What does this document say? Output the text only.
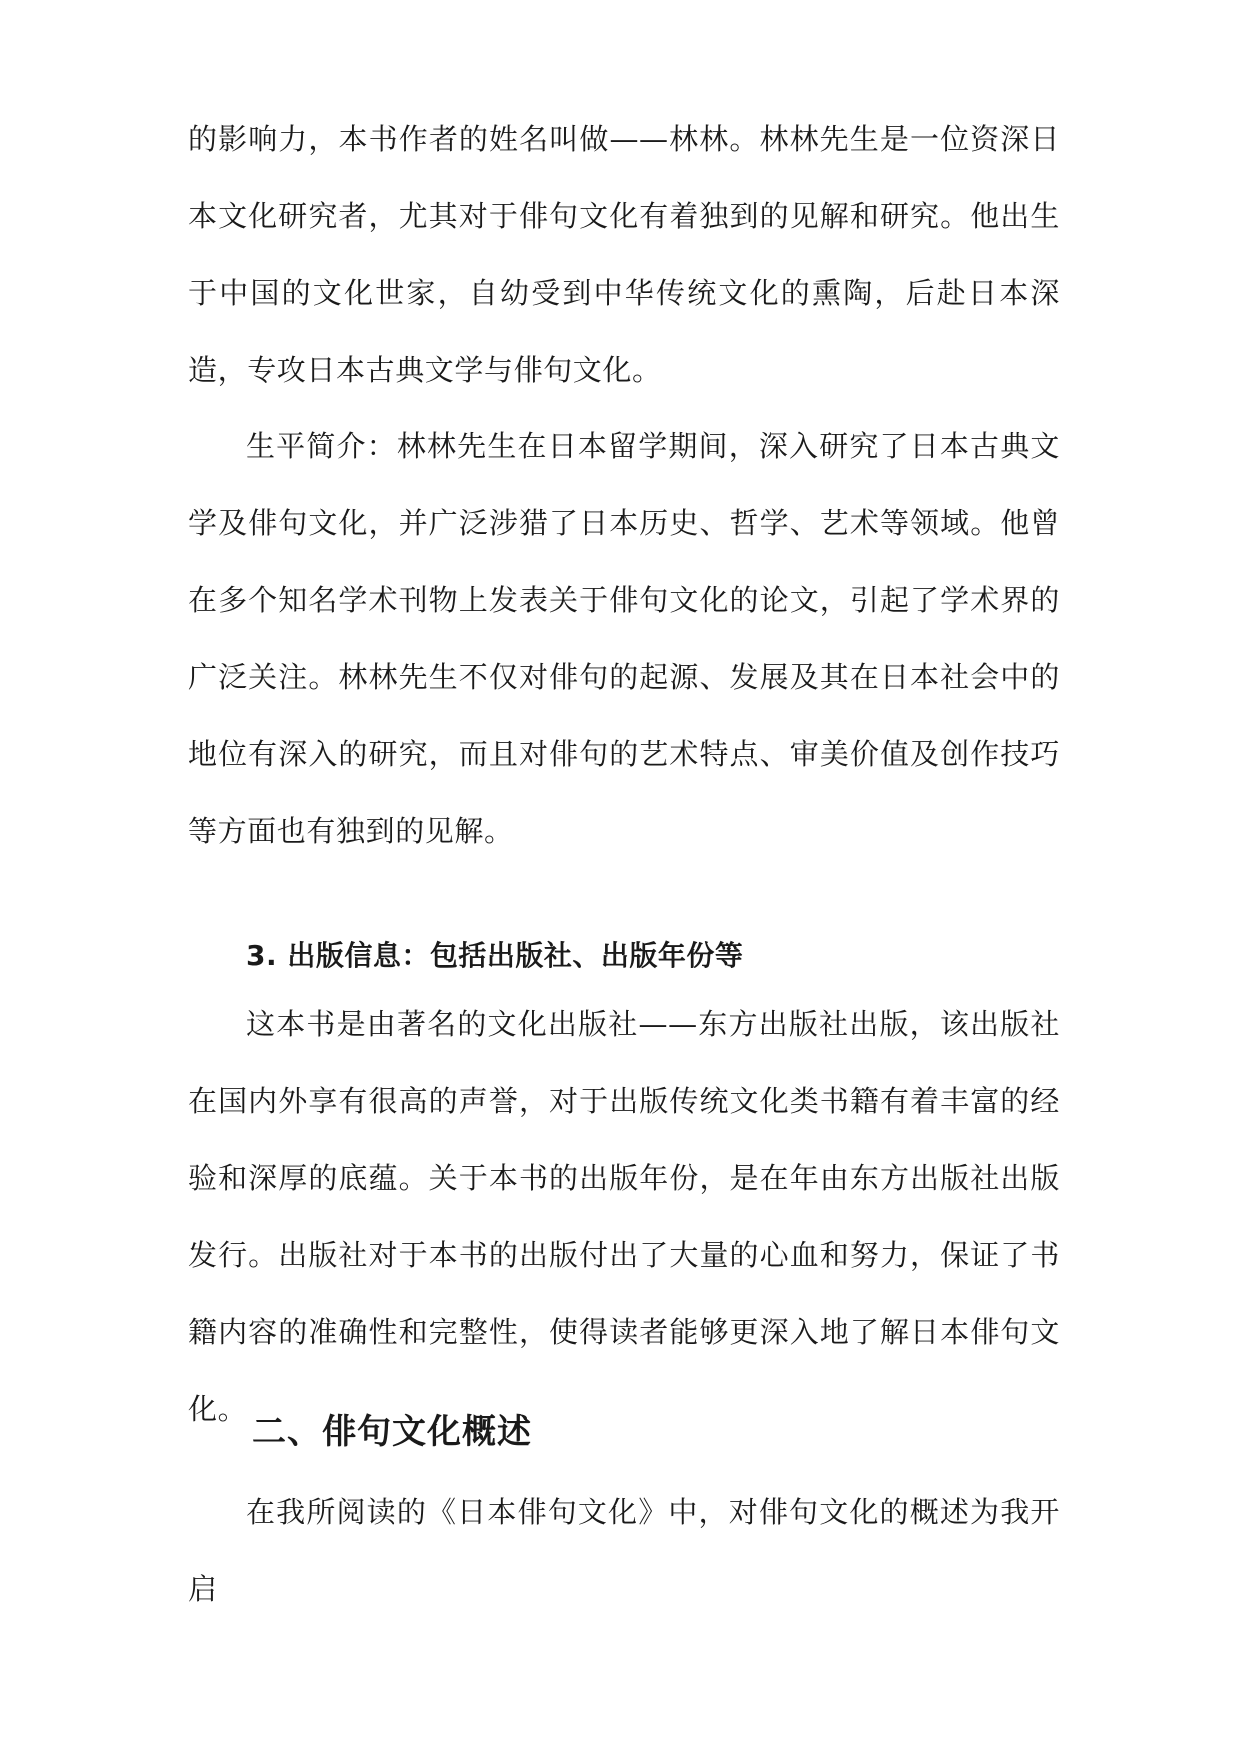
的影响力，本书作者的姓名叫做——林林。林林先生是一位资深日本文化研究者，尤其对于俳句文化有着独到的见解和研究。他出生于中国的文化世家，自幼受到中华传统文化的熏陶，后赴日本深造，专攻日本古典文学与俳句文化。

生平简介：林林先生在日本留学期间，深入研究了日本古典文学及俳句文化，并广泛涉猎了日本历史、哲学、艺术等领域。他曾在多个知名学术刊物上发表关于俳句文化的论文，引起了学术界的广泛关注。林林先生不仅对俳句的起源、发展及其在日本社会中的地位有深入的研究，而且对俳句的艺术特点、审美价值及创作技巧等方面也有独到的见解。

3. 出版信息：包括出版社、出版年份等

这本书是由著名的文化出版社——东方出版社出版，该出版社在国内外享有很高的声誉，对于出版传统文化类书籍有着丰富的经验和深厚的底蕴。关于本书的出版年份，是在年由东方出版社出版发行。出版社对于本书的出版付出了大量的心血和努力，保证了书籍内容的准确性和完整性，使得读者能够更深入地了解日本俳句文化。

二、俳句文化概述

在我所阅读的《日本俳句文化》中，对俳句文化的概述为我开启
